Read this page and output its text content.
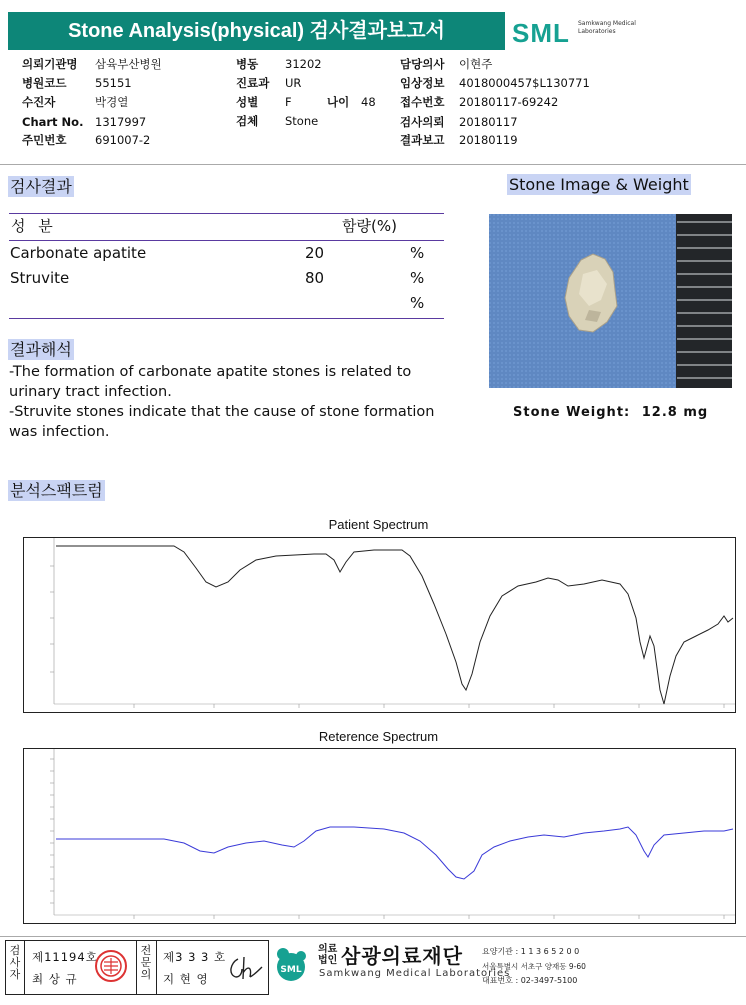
Stone Analysis(physical) 검사결과보고서	SML Samkwang Medical Laboratories
의뢰기관명 삼육부산병원
병원코드 55151
수진자	박경열
Chart No. 1317997
주민번호 691007-2
병동 31202
진료과 UR
성별 F	나이 48
검체 Stone
담당의사 이현주
임상정보 4018000457$L130771
접수번호 20180117-69242
검사의뢰 20180117
결과보고 20180119
검사결과
성 분	함량(%)
Carbonate apatite	20	%
Struvite	80	%
%
결과해석
-The formation of carbonate apatite stones is related to
urinary tract infection.
-Struvite stones indicate that the cause of stone formation
was infection.
Stone Image & Weight
Stone Weight: 12.8 mg
분석스팩트럼
Patient Spectrum
Reterence Spectrum
검사자
제11194호
최 상 규
전문의
제3 3 3 호
지 현 영
SML
의료법인 삼광의료재단
Samkwang Medical Laboratories
요양기관 : 1 1 3 6 5 2 0 0
서울특별시 서초구 양재동 9-60
대표번호 : 02-3497-5100
